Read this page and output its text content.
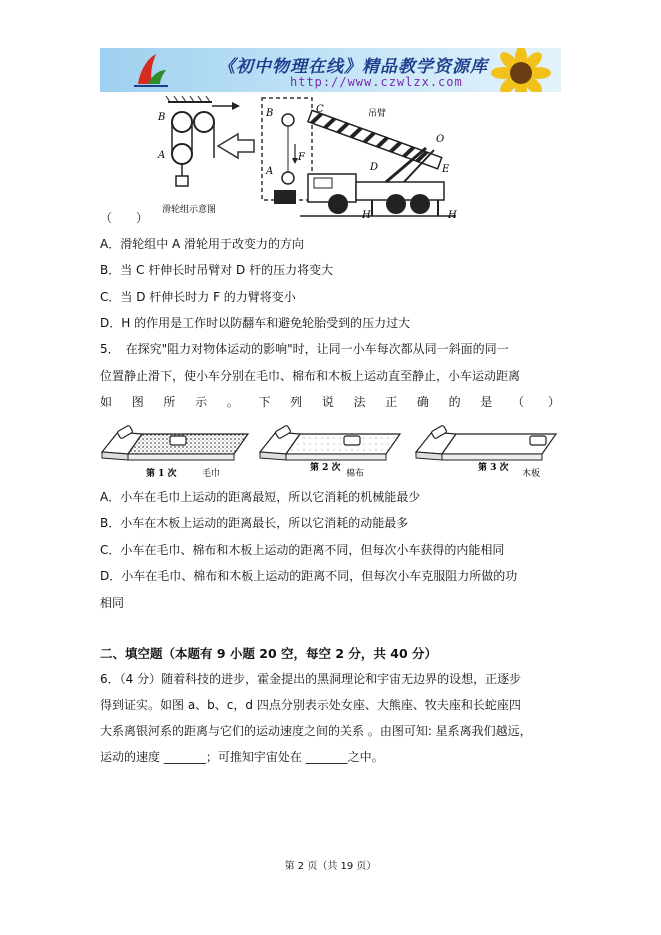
《初中物理在线》精品教学资源库
http://www.czwlzx.com
B
A
滑轮组示意图
B
A
F
C	吊臂
O
D	E
H	H
（　　）
A．滑轮组中 A 滑轮用于改变力的方向
B．当 C 杆伸长时吊臂对 D 杆的压力将变大
C．当 D 杆伸长时力 F 的力臂将变小
D．H 的作用是工作时以防翻车和避免轮胎受到的压力过大
5．　在探究"阻力对物体运动的影响"时，让同一小车每次都从同一斜面的同一
位置静止滑下，使小车分别在毛巾、棉布和木板上运动直至静止，小车运动距离
如 图 所 示 。 下 列 说 法 正 确 的 是 （　　）
第 1 次	毛巾
第 2 次
棉布
第 3 次
木板
A．小车在毛巾上运动的距离最短，所以它消耗的机械能最少
B．小车在木板上运动的距离最长，所以它消耗的动能最多
C．小车在毛巾、棉布和木板上运动的距离不同，但每次小车获得的内能相同
D．小车在毛巾、棉布和木板上运动的距离不同，但每次小车克服阻力所做的功
相同
二、填空题（本题有 9 小题 20 空，每空 2 分，共 40 分）
6．（4 分）随着科技的进步，霍金提出的黑洞理论和宇宙无边界的设想，正逐步
得到证实。如图 a、b、c，d 四点分别表示处女座、大熊座、牧夫座和长蛇座四
大系离银河系的距离与它们的运动速度之间的关系 。由图可知: 星系离我们越远，
运动的速度 _______；可推知宇宙处在 _______之中。
第 2 页（共 19 页）
